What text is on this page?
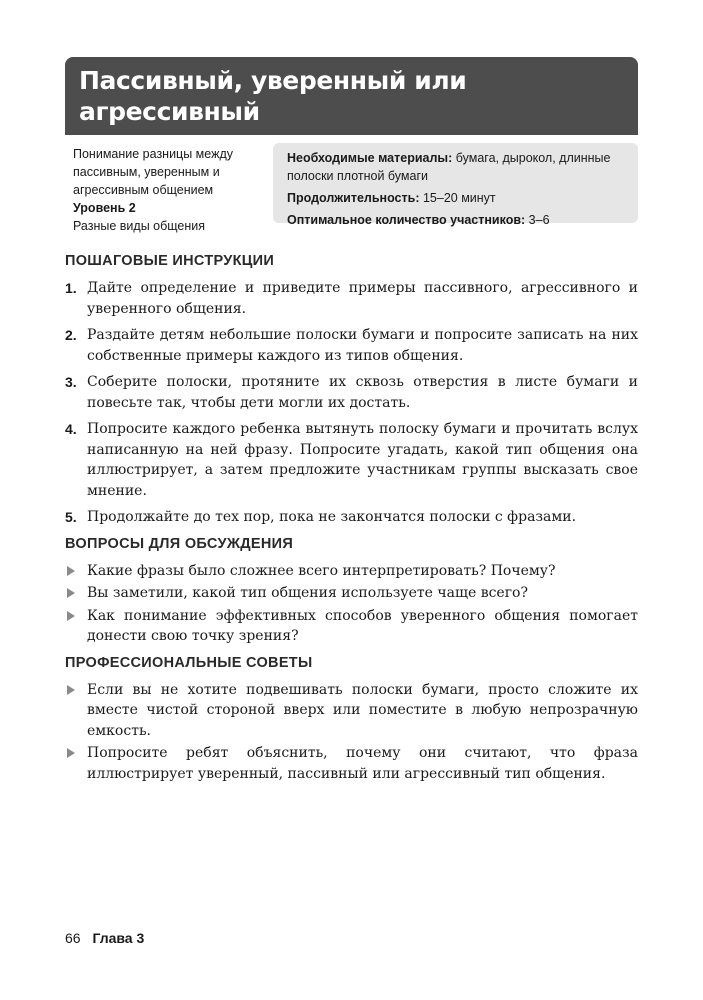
Пассивный, уверенный или агрессивный
Понимание разницы между пассивным, уверенным и агрессивным общением
Уровень 2
Разные виды общения

Необходимые материалы: бумага, дырокол, длинные полоски плотной бумаги

Продолжительность: 15–20 минут

Оптимальное количество участников: 3–6

ПОШАГОВЫЕ ИНСТРУКЦИИ
1. Дайте определение и приведите примеры пассивного, агрессивного и уверенного общения.
2. Раздайте детям небольшие полоски бумаги и попросите записать на них собственные примеры каждого из типов общения.
3. Соберите полоски, протяните их сквозь отверстия в листе бумаги и повесьте так, чтобы дети могли их достать.
4. Попросите каждого ребенка вытянуть полоску бумаги и прочитать вслух написанную на ней фразу. Попросите угадать, какой тип общения она иллюстрирует, а затем предложите участникам группы высказать свое мнение.
5. Продолжайте до тех пор, пока не закончатся полоски с фразами.
ВОПРОСЫ ДЛЯ ОБСУЖДЕНИЯ
Какие фразы было сложнее всего интерпретировать? Почему?
Вы заметили, какой тип общения используете чаще всего?
Как понимание эффективных способов уверенного общения помогает донести свою точку зрения?
ПРОФЕССИОНАЛЬНЫЕ СОВЕТЫ
Если вы не хотите подвешивать полоски бумаги, просто сложите их вместе чистой стороной вверх или поместите в любую непрозрачную емкость.
Попросите ребят объяснить, почему они считают, что фраза иллюстрирует уверенный, пассивный или агрессивный тип общения.
66 Глава 3
